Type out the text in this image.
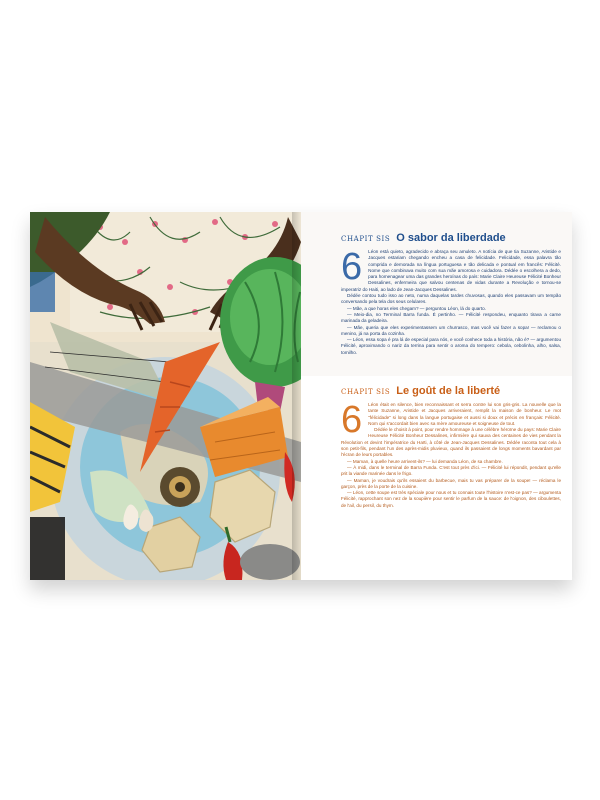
CHAPIT SIS O sabor da liberdade
6	Léon está quieto, agradecido e abraça seu amuleto. A notícia de que tia Suzanne, Aristide e Jacques estariam chegando encheu a casa de felicidade. Felicidade, essa palavra tão comprida e demorada na língua portuguesa e tão delicada e pontual em francês: Félicité. Nome que combinava muito com sua mãe amorosa e cuidadora. Dédée o escolhera a dedo, para homenagear uma das grandes heroínas do país: Marie Claire Heureuse Félicité Bonheur Dessalines, enfermeira que salvou centenas de vidas durante a Revolução e tornou-se imperatriz do Haiti, ao lado de Jean-Jacques Dessalines.

Dédée contou tudo isso ao neto, numa daquelas tardes chuvosas, quando eles passavam um tempão conversando pela tela dos seus celulares.

— Mãe, a que horas eles chegam? — perguntou Léon, lá do quarto.

— Meio-dia, no Terminal Barra funda. É pertinho. — Félicité respondeu, enquanto tirava a carne marinada da geladeira.

— Mãe, queria que eles experimentassem um churrasco, mas você vai fazer a sopa! — reclamou o menino, já na porta da cozinha.

— Léon, essa sopa é pra lá de especial para nós, e você conhece toda a história, não é? — argumentou Félicité, aproximando o nariz da terrina para sentir o aroma do tempero: cebola, cebolinha, alho, salsa, tomilho.

CHAPIT SIS Le goût de la liberté
6	Léon était en silence, bien reconnaissant et serra contre lui son gris-gris. La nouvelle que la tante Suzanne, Aristide et Jacques arriveraient, remplit la maison de bonheur. Le mot "félicidade" si long dans la langue portugaise et aussi si doux et précis en français: Félicité. Nom qui s'accordait bien avec sa mère amoureuse et soigneuse de tout.

Dédée le choisit à point, pour rendre hommage à une célèbre héroïne du pays: Marie Claire Heureuse Félicité Bonheur Dessalines, infirmière qui sauva des centaines de vies pendant la Révolution et devint l'impératrice du Haïti, à côté de Jean-Jacques Dessalines. Dédée raconta tout cela à son petit-fils, pendant l'un des après-midis pluvieux, quand ils passaient de longs moments bavardant par l'écran de leurs portables.

— Maman, à quelle heure arrivent-ils? — lui demanda Léon, de sa chambre.

— À midi, dans le terminal de Barra Funda. C'est tout près d'ici. — Félicité lui répondit, pendant qu'elle prit la viande marinée dans le frigo.

— Maman, je voudrais qu'ils essaient du barbecue, mais tu vas préparer de la soupe! — réclama le garçon, près de la porte de la cuisine.

— Léon, cette soupe est très spéciale pour nous et tu connais toute l'histoire n'est-ce pas? — argumenta Félicité, rapprochant son nez de la soupière pour sentir le parfum de la sauce: de l'oignon, des ciboulettes, de l'ail, du persil, du thym.
